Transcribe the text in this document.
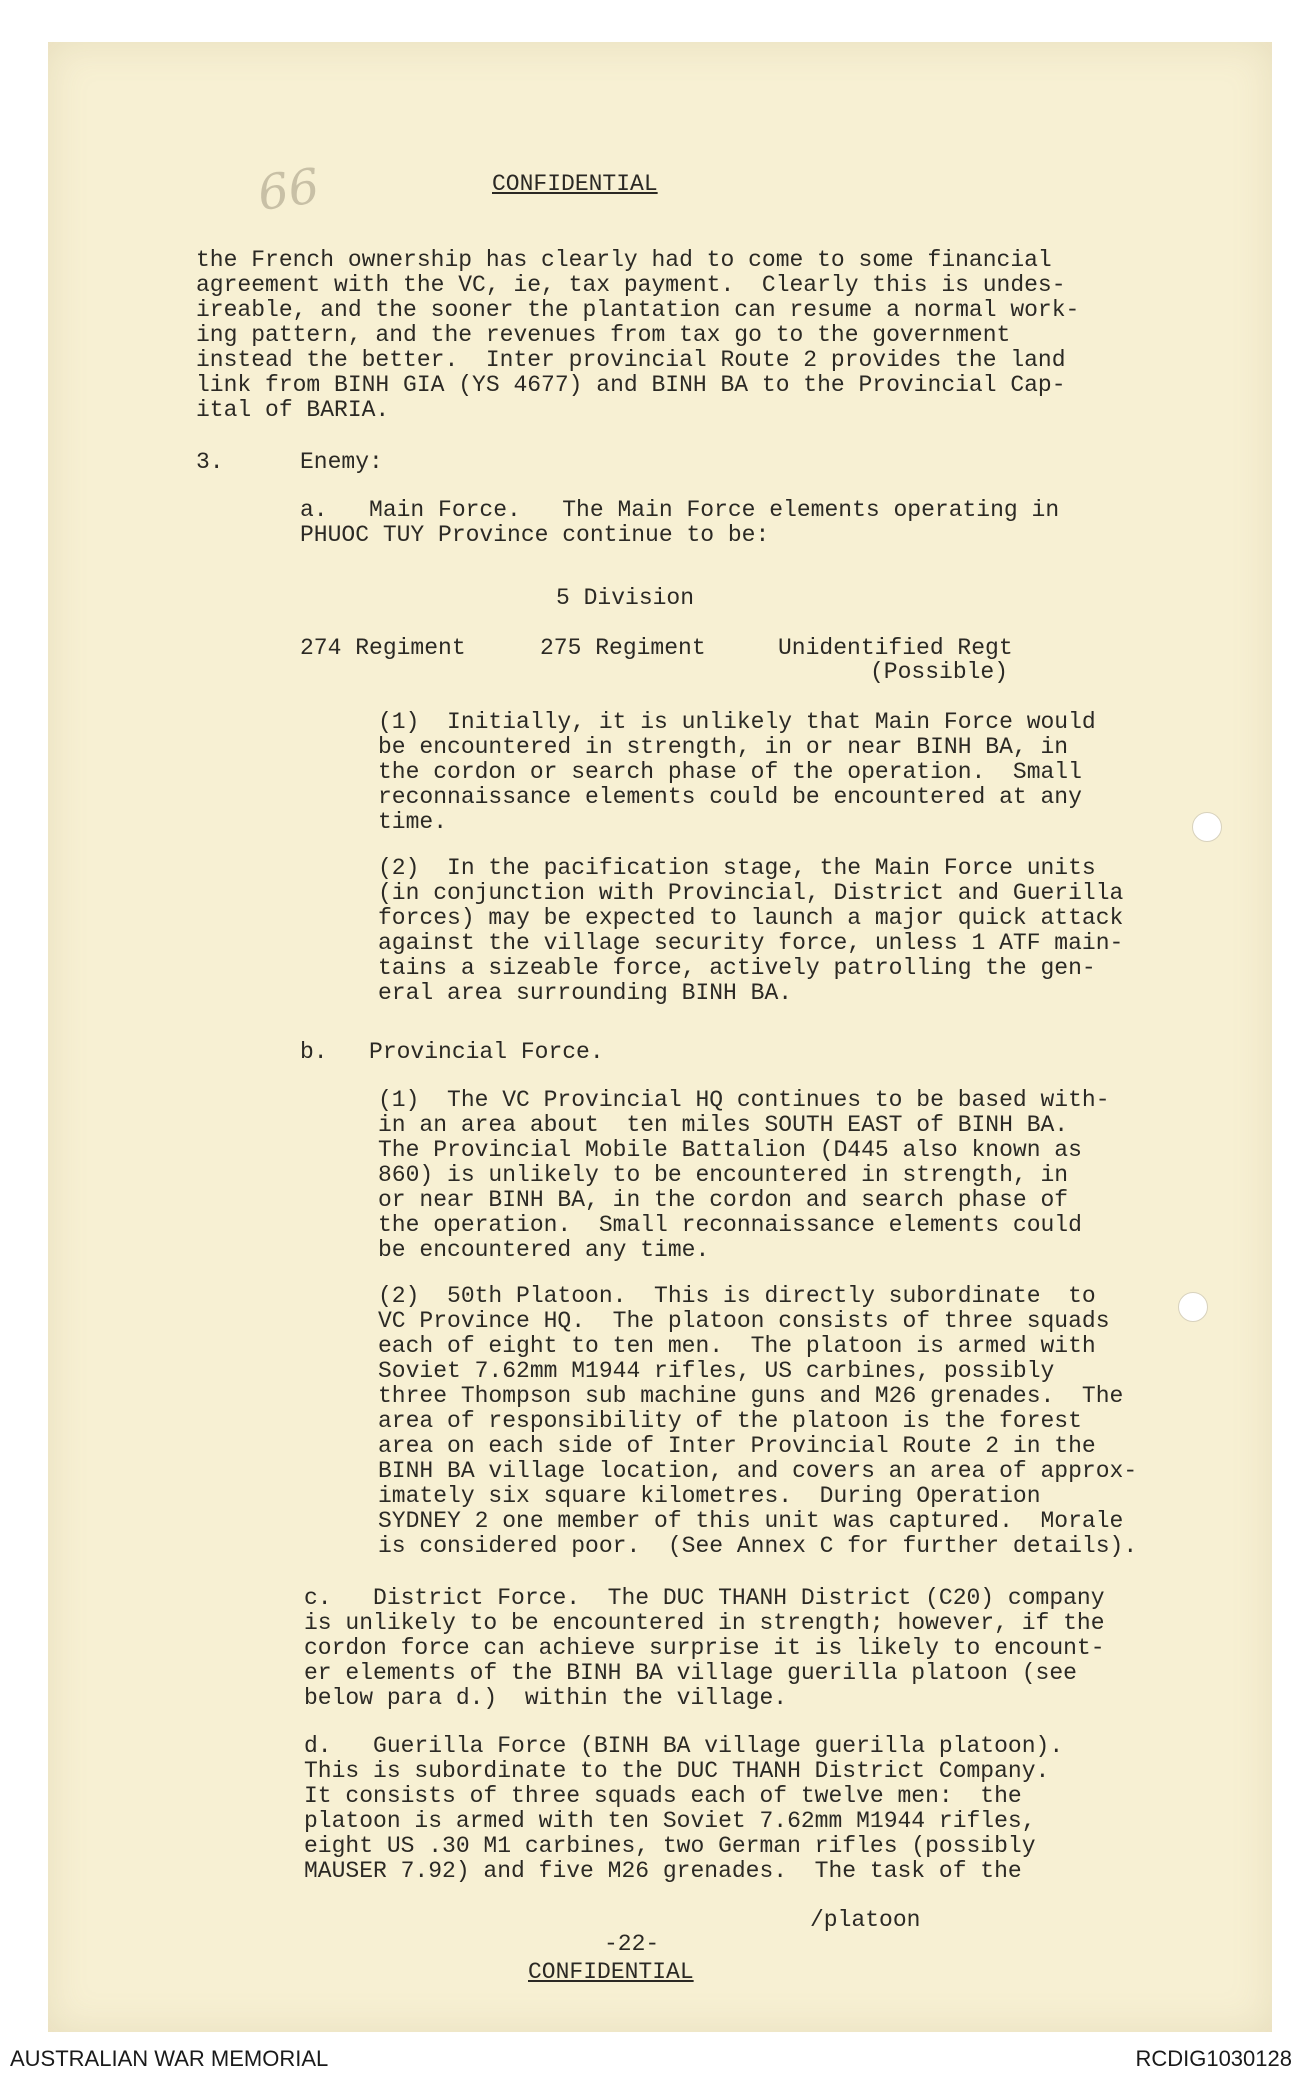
66	CONFIDENTIAL

the French ownership has clearly had to come to some financial

agreement with the VC, ie, tax payment.  Clearly this is undes-

ireable, and the sooner the plantation can resume a normal work-

ing pattern, and the revenues from tax go to the government

instead the better.  Inter provincial Route 2 provides the land

link from BINH GIA (YS 4677) and BINH BA to the Provincial Cap-

ital of BARIA.

3.	Enemy:

a.   Main Force.   The Main Force elements operating in

PHUOC TUY Province continue to be:

5 Division

274 Regiment	275 Regiment	Unidentified Regt

(Possible)

(1)  Initially, it is unlikely that Main Force would

be encountered in strength, in or near BINH BA, in

the cordon or search phase of the operation.  Small

reconnaissance elements could be encountered at any

time.

(2)  In the pacification stage, the Main Force units

(in conjunction with Provincial, District and Guerilla

forces) may be expected to launch a major quick attack

against the village security force, unless 1 ATF main-

tains a sizeable force, actively patrolling the gen-

eral area surrounding BINH BA.

b.   Provincial Force.

(1)  The VC Provincial HQ continues to be based with-

in an area about  ten miles SOUTH EAST of BINH BA.

The Provincial Mobile Battalion (D445 also known as

860) is unlikely to be encountered in strength, in

or near BINH BA, in the cordon and search phase of

the operation.  Small reconnaissance elements could

be encountered any time.

(2)  50th Platoon.  This is directly subordinate  to

VC Province HQ.  The platoon consists of three squads

each of eight to ten men.  The platoon is armed with

Soviet 7.62mm M1944 rifles, US carbines, possibly

three Thompson sub machine guns and M26 grenades.  The

area of responsibility of the platoon is the forest

area on each side of Inter Provincial Route 2 in the

BINH BA village location, and covers an area of approx-

imately six square kilometres.  During Operation

SYDNEY 2 one member of this unit was captured.  Morale

is considered poor.  (See Annex C for further details).

c.   District Force.  The DUC THANH District (C20) company

is unlikely to be encountered in strength; however, if the

cordon force can achieve surprise it is likely to encount-

er elements of the BINH BA village guerilla platoon (see

below para d.)  within the village.

d.   Guerilla Force (BINH BA village guerilla platoon).

This is subordinate to the DUC THANH District Company.

It consists of three squads each of twelve men:  the

platoon is armed with ten Soviet 7.62mm M1944 rifles,

eight US .30 M1 carbines, two German rifles (possibly

MAUSER 7.92) and five M26 grenades.  The task of the

/platoon

-22-

CONFIDENTIAL

AUSTRALIAN WAR MEMORIAL	RCDIG1030128
